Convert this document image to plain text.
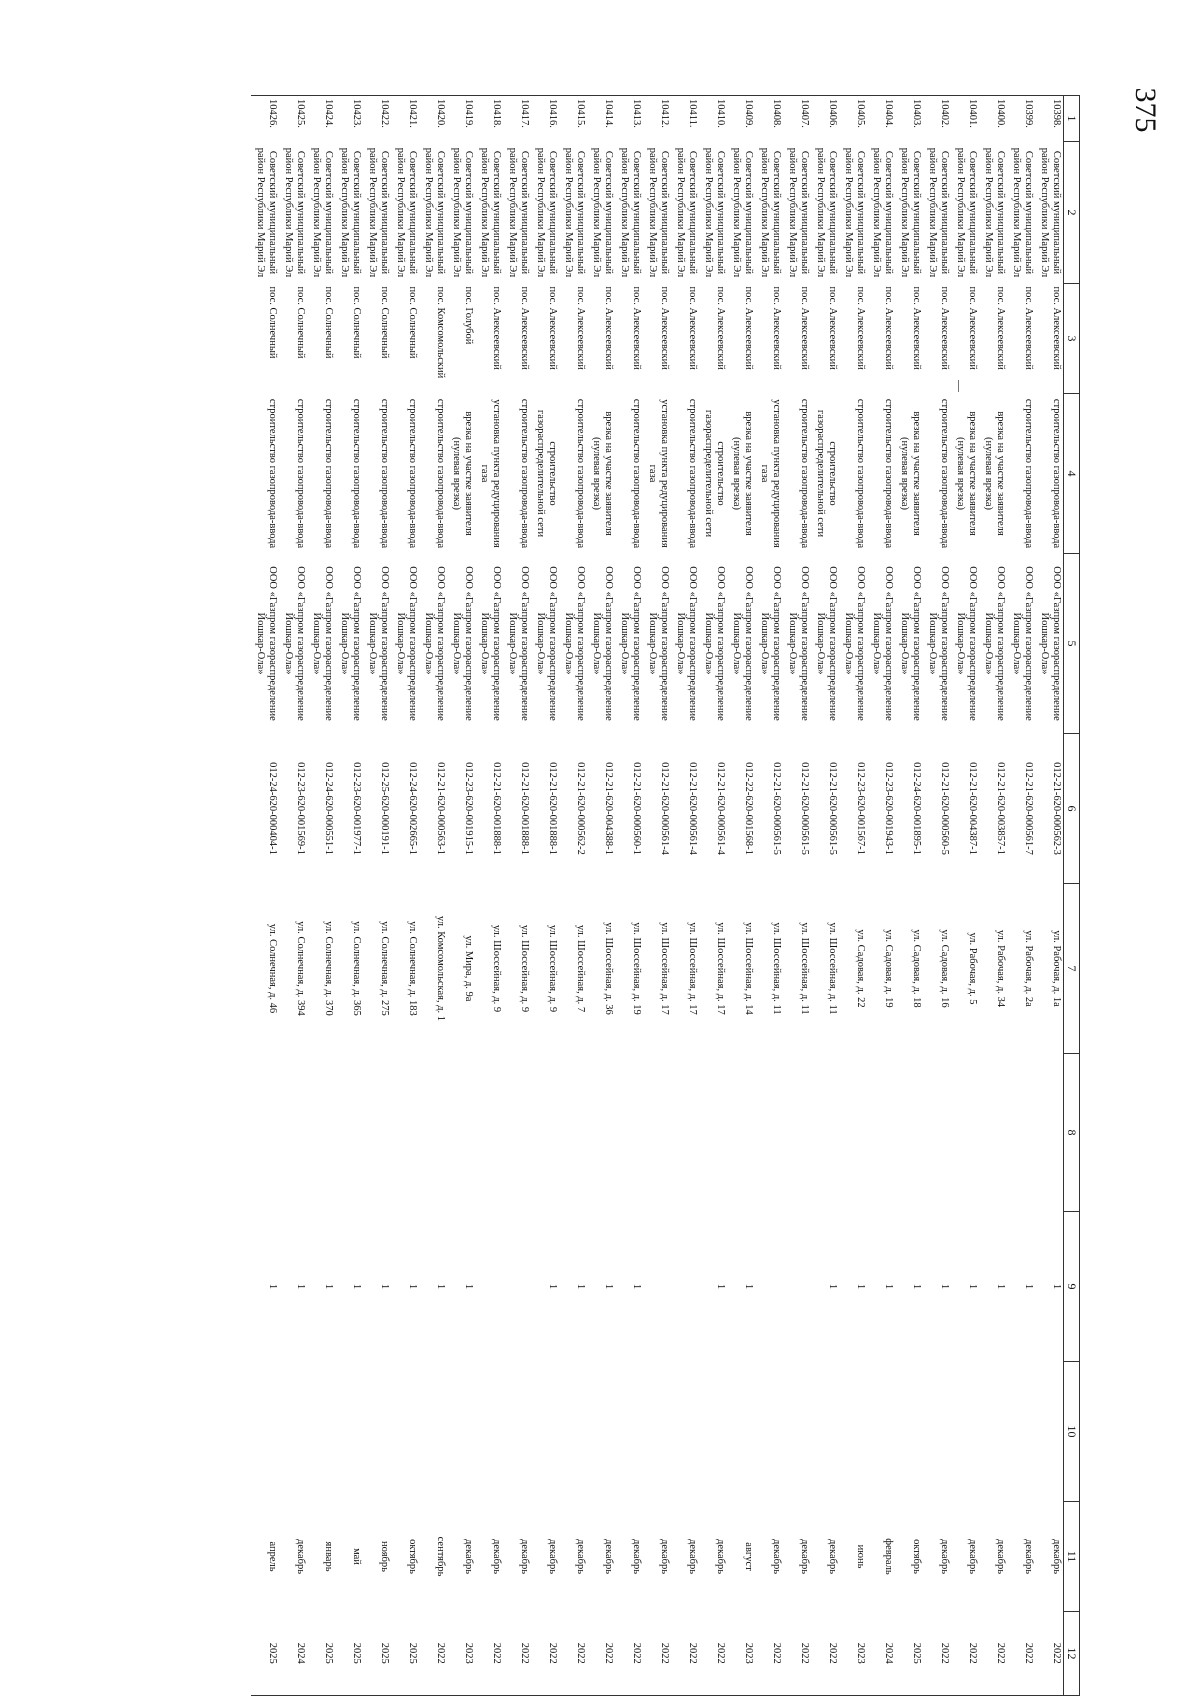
375
1	2	3	4	5	6	7	8	9	10	11	12
10398.	Советский муниципальный район Республики Марий Эл	пос. Алексеевский	строительство газопровода-ввода	ООО «Газпром газораспределение Йошкар-Ола»	012-21-620-000562-3	ул. Рабочая, д. 1а		1		декабрь	2022
10399.	Советский муниципальный район Республики Марий Эл	пос. Алексеевский	строительство газопровода-ввода	ООО «Газпром газораспределение Йошкар-Ола»	012-21-620-000561-7	ул. Рабочая, д. 2а		1		декабрь	2022
10400.	Советский муниципальный район Республики Марий Эл	пос. Алексеевский	врезка на участке заявителя (нулевая врезка)	ООО «Газпром газораспределение Йошкар-Ола»	012-21-620-003857-1	ул. Рабочая, д. 34		1		декабрь	2022
10401.	Советский муниципальный район Республики Марий Эл	пос. Алексеевский	врезка на участке заявителя (нулевая врезка)	ООО «Газпром газораспределение Йошкар-Ола»	012-21-620-004387-1	ул. Рабочая, д. 5		1		декабрь	2022
10402.	Советский муниципальный район Республики Марий Эл	пос. Алексеевский	строительство газопровода-ввода	ООО «Газпром газораспределение Йошкар-Ола»	012-21-620-000560-5	ул. Садовая, д. 16		1		декабрь	2022
10403.	Советский муниципальный район Республики Марий Эл	пос. Алексеевский	врезка на участке заявителя (нулевая врезка)	ООО «Газпром газораспределение Йошкар-Ола»	012-24-620-001895-1	ул. Садовая, д. 18		1		октябрь	2025
10404.	Советский муниципальный район Республики Марий Эл	пос. Алексеевский	строительство газопровода-ввода	ООО «Газпром газораспределение Йошкар-Ола»	012-23-620-001943-1	ул. Садовая, д. 19		1		февраль	2024
10405.	Советский муниципальный район Республики Марий Эл	пос. Алексеевский	строительство газопровода-ввода	ООО «Газпром газораспределение Йошкар-Ола»	012-23-620-001567-1	ул. Садовая, д. 22		1		июнь	2023
10406.	Советский муниципальный район Республики Марий Эл	пос. Алексеевский	строительство газораспределительной сети	ООО «Газпром газораспределение Йошкар-Ола»	012-21-620-000561-5	ул. Шоссейная, д. 11		1		декабрь	2022
10407.	Советский муниципальный район Республики Марий Эл	пос. Алексеевский	строительство газопровода-ввода	ООО «Газпром газораспределение Йошкар-Ола»	012-21-620-000561-5	ул. Шоссейная, д. 11				декабрь	2022
10408.	Советский муниципальный район Республики Марий Эл	пос. Алексеевский	установка пункта редуцирования газа	ООО «Газпром газораспределение Йошкар-Ола»	012-21-620-000561-5	ул. Шоссейная, д. 11				декабрь	2022
10409.	Советский муниципальный район Республики Марий Эл	пос. Алексеевский	врезка на участке заявителя (нулевая врезка)	ООО «Газпром газораспределение Йошкар-Ола»	012-22-620-001568-1	ул. Шоссейная, д. 14		1		август	2023
10410.	Советский муниципальный район Республики Марий Эл	пос. Алексеевский	строительство газораспределительной сети	ООО «Газпром газораспределение Йошкар-Ола»	012-21-620-000561-4	ул. Шоссейная, д. 17		1		декабрь	2022
10411.	Советский муниципальный район Республики Марий Эл	пос. Алексеевский	строительство газопровода-ввода	ООО «Газпром газораспределение Йошкар-Ола»	012-21-620-000561-4	ул. Шоссейная, д. 17				декабрь	2022
10412.	Советский муниципальный район Республики Марий Эл	пос. Алексеевский	установка пункта редуцирования газа	ООО «Газпром газораспределение Йошкар-Ола»	012-21-620-000561-4	ул. Шоссейная, д. 17				декабрь	2022
10413.	Советский муниципальный район Республики Марий Эл	пос. Алексеевский	строительство газопровода-ввода	ООО «Газпром газораспределение Йошкар-Ола»	012-21-620-000560-1	ул. Шоссейная, д. 19		1		декабрь	2022
10414.	Советский муниципальный район Республики Марий Эл	пос. Алексеевский	врезка на участке заявителя (нулевая врезка)	ООО «Газпром газораспределение Йошкар-Ола»	012-21-620-004388-1	ул. Шоссейная, д. 36		1		декабрь	2022
10415.	Советский муниципальный район Республики Марий Эл	пос. Алексеевский	строительство газопровода-ввода	ООО «Газпром газораспределение Йошкар-Ола»	012-21-620-000562-2	ул. Шоссейная, д. 7		1		декабрь	2022
10416.	Советский муниципальный район Республики Марий Эл	пос. Алексеевский	строительство газораспределительной сети	ООО «Газпром газораспределение Йошкар-Ола»	012-21-620-001888-1	ул. Шоссейная, д. 9		1		декабрь	2022
10417.	Советский муниципальный район Республики Марий Эл	пос. Алексеевский	строительство газопровода-ввода	ООО «Газпром газораспределение Йошкар-Ола»	012-21-620-001888-1	ул. Шоссейная, д. 9				декабрь	2022
10418.	Советский муниципальный район Республики Марий Эл	пос. Алексеевский	установка пункта редуцирования газа	ООО «Газпром газораспределение Йошкар-Ола»	012-21-620-001888-1	ул. Шоссейная, д. 9				декабрь	2022
10419.	Советский муниципальный район Республики Марий Эл	пос. Голубой	врезка на участке заявителя (нулевая врезка)	ООО «Газпром газораспределение Йошкар-Ола»	012-23-620-001915-1	ул. Мира, д. 9а		1		декабрь	2023
10420.	Советский муниципальный район Республики Марий Эл	пос. Комсомольский	строительство газопровода-ввода	ООО «Газпром газораспределение Йошкар-Ола»	012-21-620-000563-1	ул. Комсомольская, д. 1		1		сентябрь	2022
10421.	Советский муниципальный район Республики Марий Эл	пос. Солнечный	строительство газопровода-ввода	ООО «Газпром газораспределение Йошкар-Ола»	012-24-620-002665-1	ул. Солнечная, д. 183		1		октябрь	2025
10422.	Советский муниципальный район Республики Марий Эл	пос. Солнечный	строительство газопровода-ввода	ООО «Газпром газораспределение Йошкар-Ола»	012-25-620-000191-1	ул. Солнечная, д. 275		1		ноябрь	2025
10423.	Советский муниципальный район Республики Марий Эл	пос. Солнечный	строительство газопровода-ввода	ООО «Газпром газораспределение Йошкар-Ола»	012-23-620-001977-1	ул. Солнечная, д. 365		1		май	2025
10424.	Советский муниципальный район Республики Марий Эл	пос. Солнечный	строительство газопровода-ввода	ООО «Газпром газораспределение Йошкар-Ола»	012-24-620-000551-1	ул. Солнечная, д. 370		1		январь	2025
10425.	Советский муниципальный район Республики Марий Эл	пос. Солнечный	строительство газопровода-ввода	ООО «Газпром газораспределение Йошкар-Ола»	012-23-620-001569-1	ул. Солнечная, д. 394		1		декабрь	2024
10426.	Советский муниципальный район Республики Марий Эл	пос. Солнечный	строительство газопровода-ввода	ООО «Газпром газораспределение Йошкар-Ола»	012-24-620-000404-1	ул. Солнечная, д. 46		1		апрель	2025
